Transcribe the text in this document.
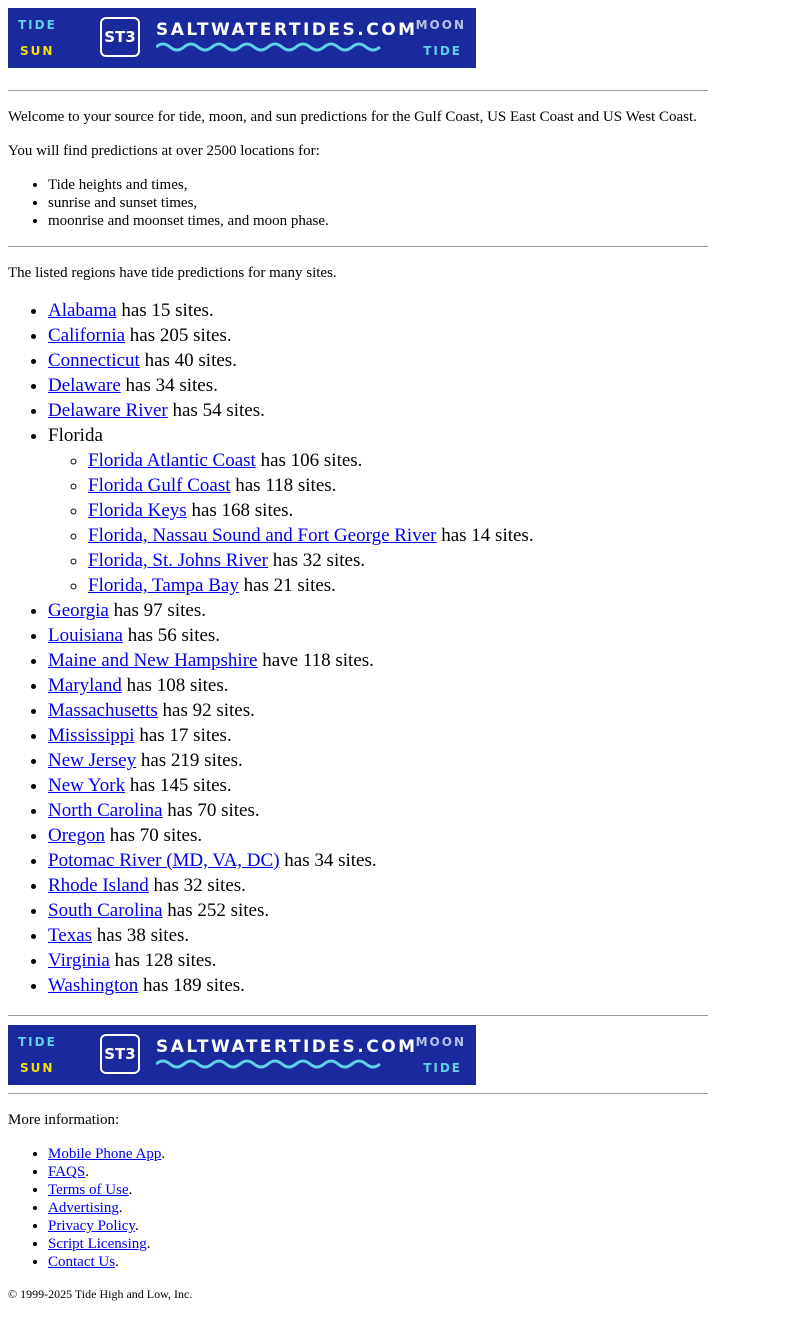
TIDE
SUN
ST3 SALTWATERTIDES.COM
MOON
TIDE

Welcome to your source for tide, moon, and sun predictions for the Gulf Coast, US East Coast and US West Coast.

You will find predictions at over 2500 locations for:

• Tide heights and times,
• sunrise and sunset times,
• moonrise and moonset times, and moon phase.

The listed regions have tide predictions for many sites.

• Alabama has 15 sites.
• California has 205 sites.
• Connecticut has 40 sites.
• Delaware has 34 sites.
• Delaware River has 54 sites.
• Florida
◦ Florida Atlantic Coast has 106 sites.
◦ Florida Gulf Coast has 118 sites.
◦ Florida Keys has 168 sites.
◦ Florida, Nassau Sound and Fort George River has 14 sites.
◦ Florida, St. Johns River has 32 sites.
◦ Florida, Tampa Bay has 21 sites.
• Georgia has 97 sites.
• Louisiana has 56 sites.
• Maine and New Hampshire have 118 sites.
• Maryland has 108 sites.
• Massachusetts has 92 sites.
• Mississippi has 17 sites.
• New Jersey has 219 sites.
• New York has 145 sites.
• North Carolina has 70 sites.
• Oregon has 70 sites.
• Potomac River (MD, VA, DC) has 34 sites.
• Rhode Island has 32 sites.
• South Carolina has 252 sites.
• Texas has 38 sites.
• Virginia has 128 sites.
• Washington has 189 sites.
TIDE
SUN
ST3 SALTWATERTIDES.COM
MOON
TIDE

More information:

• Mobile Phone App.
• FAQS.
• Terms of Use.
• Advertising.
• Privacy Policy.
• Script Licensing.
• Contact Us.

© 1999-2025 Tide High and Low, Inc.
